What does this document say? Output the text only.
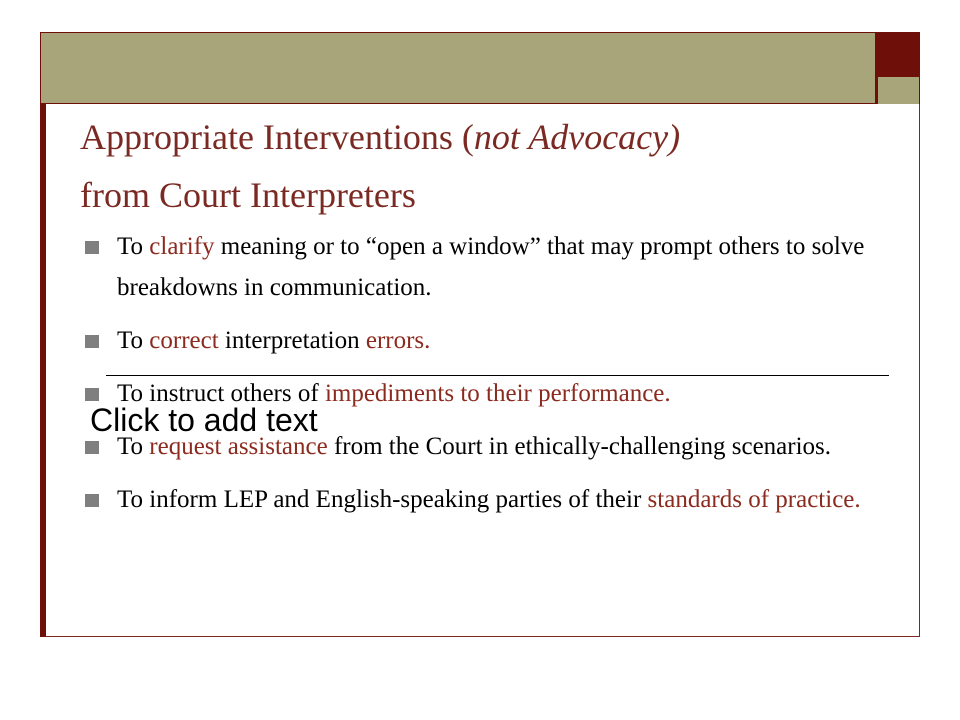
Appropriate Interventions (not Advocacy)
from Court Interpreters
To clarify meaning or to “open a window” that may prompt others to solve breakdowns in communication.
To correct interpretation errors.
To instruct others of impediments to their performance.
To request assistance from the Court in ethically-challenging scenarios.
To inform LEP and English-speaking parties of their standards of practice.
Click to add text
